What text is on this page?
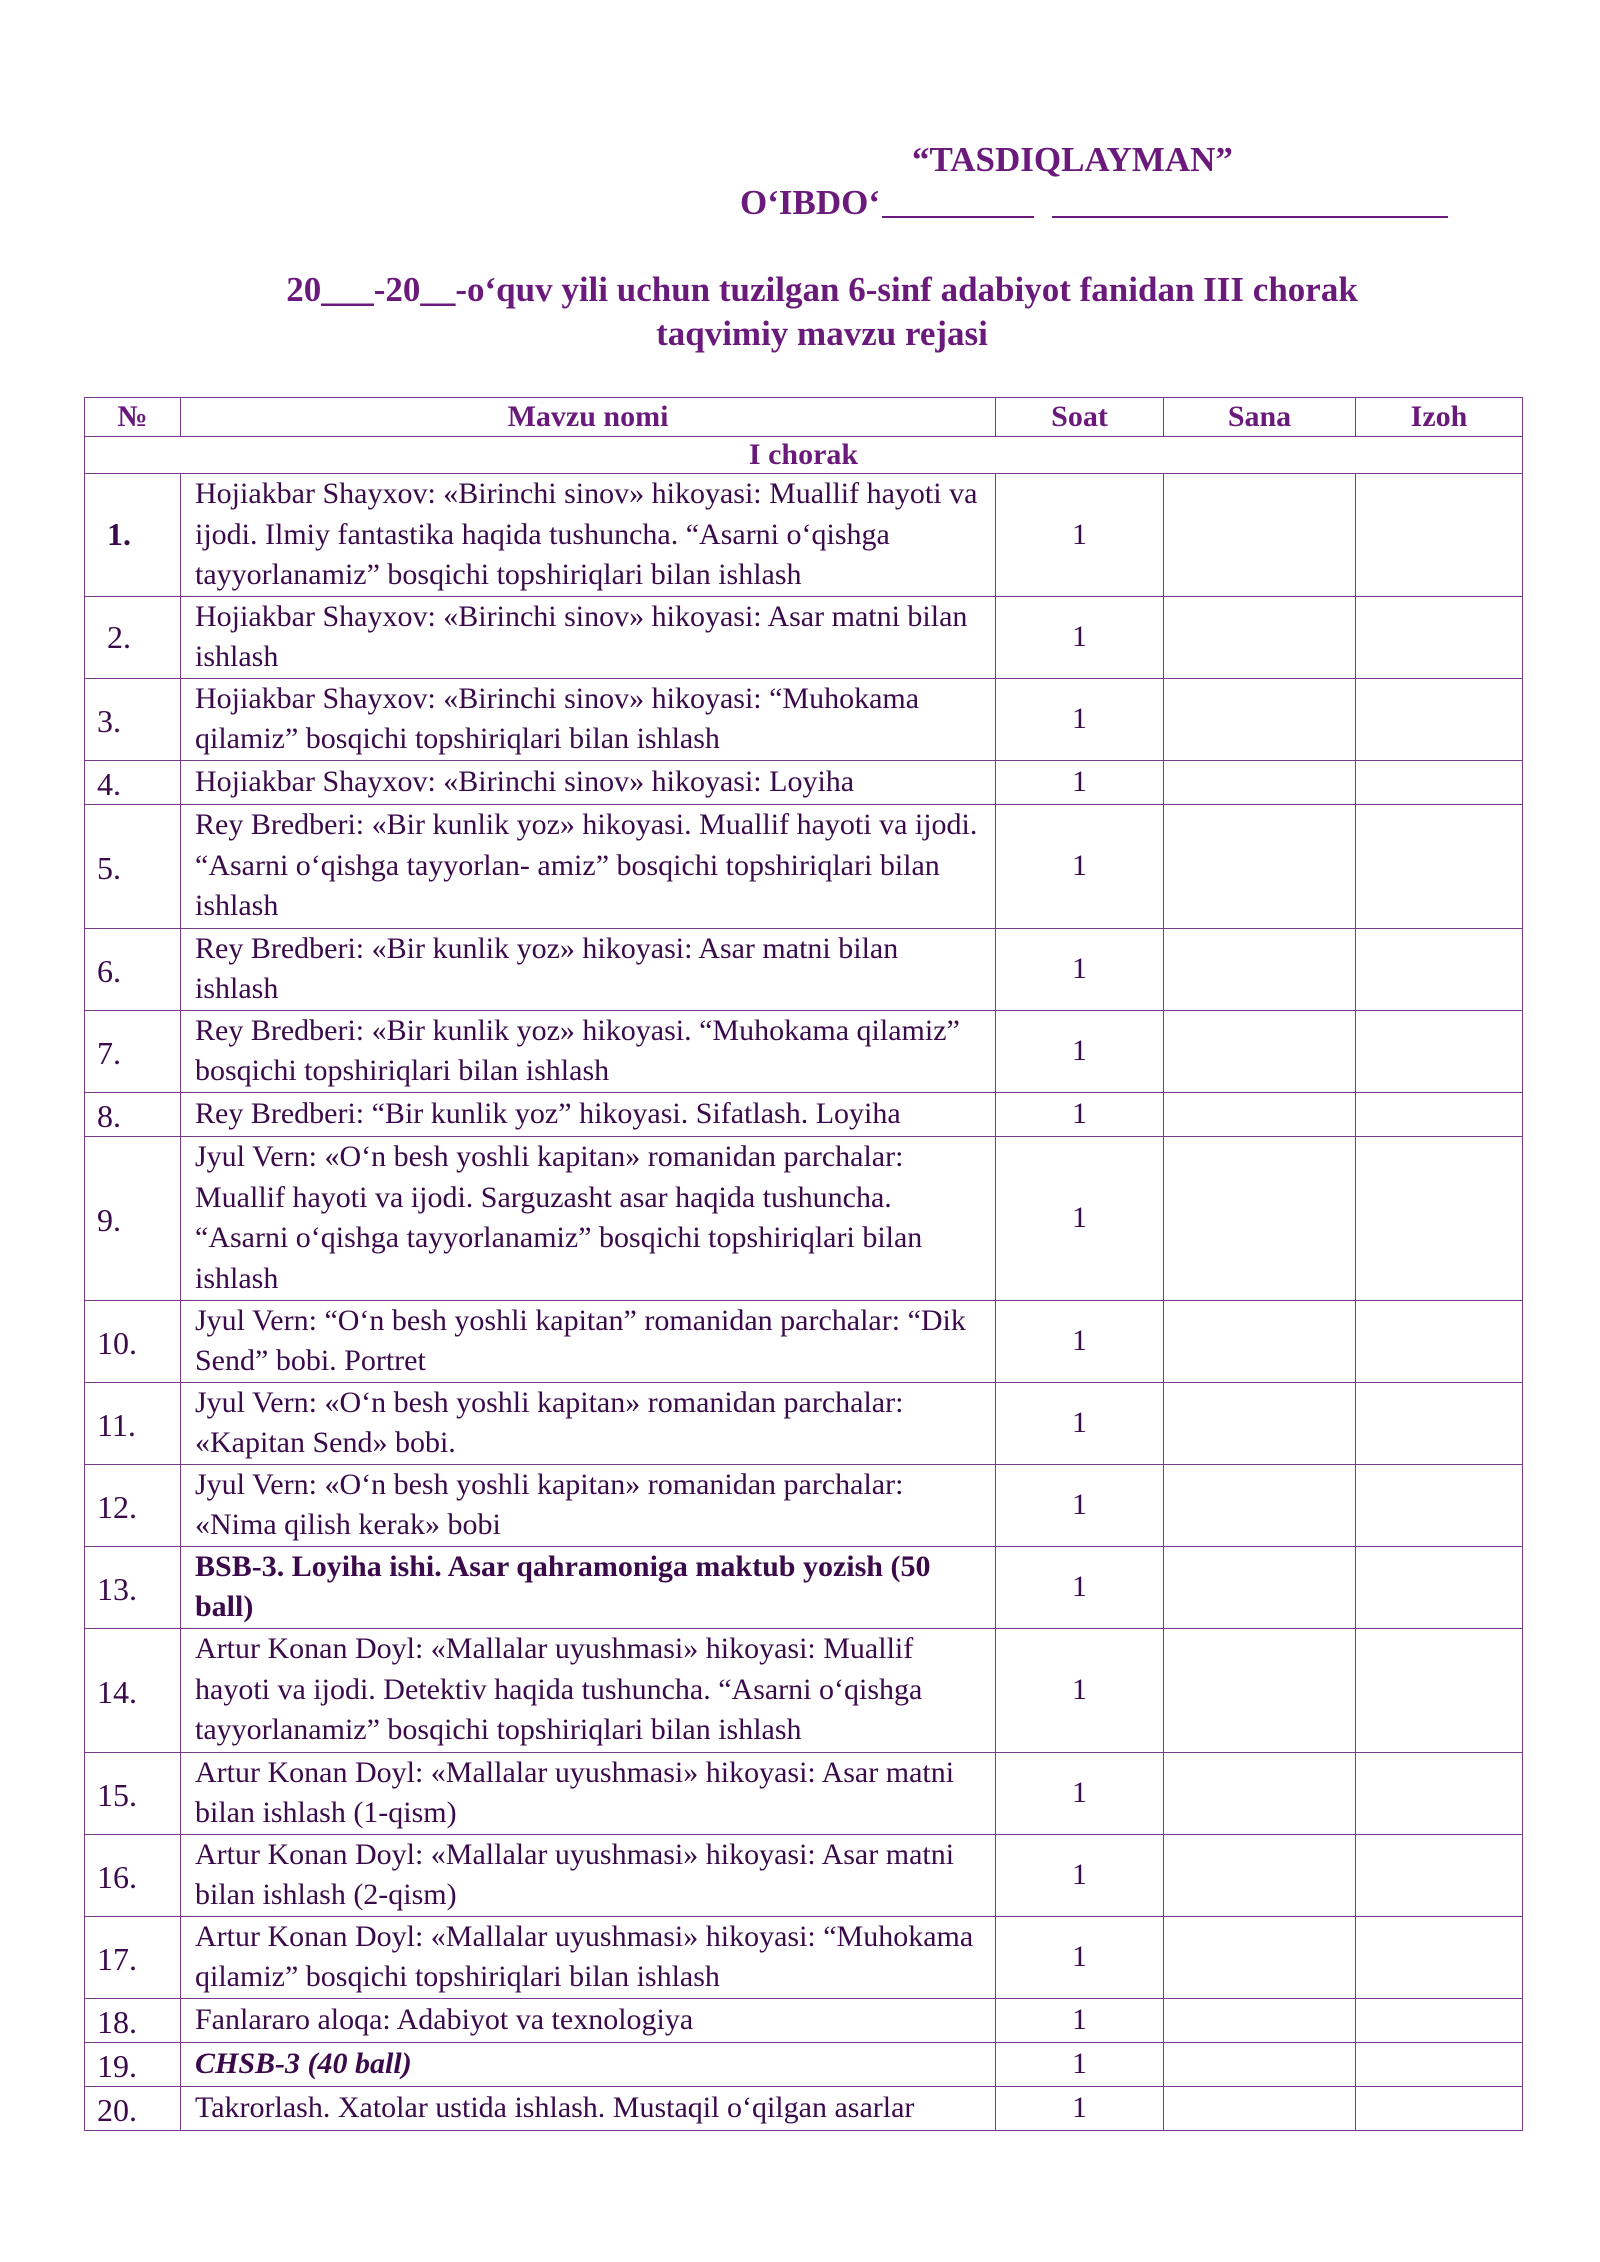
“TASDIQLAYMAN”
O‘IBDO‘
20___-20__-o‘quv yili uchun tuzilgan 6-sinf adabiyot fanidan III chorak
taqvimiy mavzu rejasi
№	Mavzu nomi	Soat	Sana	Izoh
I chorak				
1.	Hojiakbar Shayxov: «Birinchi sinov» hikoyasi: Muallif hayoti va ijodi. Ilmiy fantastika haqida tushuncha. “Asarni o‘qishga tayyorlanamiz” bosqichi topshiriqlari bilan ishlash	1		
2.	Hojiakbar Shayxov: «Birinchi sinov» hikoyasi: Asar matni bilan ishlash	1		
3.	Hojiakbar Shayxov: «Birinchi sinov» hikoyasi: “Muhokama qilamiz” bosqichi topshiriqlari bilan ishlash	1		
4.	Hojiakbar Shayxov: «Birinchi sinov» hikoyasi: Loyiha	1		
5.	Rey Bredberi: «Bir kunlik yoz» hikoyasi. Muallif hayoti va ijodi. “Asarni o‘qishga tayyorlan- amiz” bosqichi topshiriqlari bilan ishlash	1		
6.	Rey Bredberi: «Bir kunlik yoz» hikoyasi: Asar matni bilan ishlash	1		
7.	Rey Bredberi: «Bir kunlik yoz» hikoyasi. “Muhokama qilamiz” bosqichi topshiriqlari bilan ishlash	1		
8.	Rey Bredberi: “Bir kunlik yoz” hikoyasi. Sifatlash. Loyiha	1		
9.	Jyul Vern: «O‘n besh yoshli kapitan» romanidan parchalar: Muallif hayoti va ijodi. Sarguzasht asar haqida tushuncha. “Asarni o‘qishga tayyorlanamiz” bosqichi topshiriqlari bilan ishlash	1		
10.	Jyul Vern: “O‘n besh yoshli kapitan” romanidan parchalar: “Dik Send” bobi. Portret	1		
11.	Jyul Vern: «O‘n besh yoshli kapitan» romanidan parchalar: «Kapitan Send» bobi.	1		
12.	Jyul Vern: «O‘n besh yoshli kapitan» romanidan parchalar: «Nima qilish kerak» bobi	1		
13.	BSB-3. Loyiha ishi. Asar qahramoniga maktub yozish (50 ball)	1		
14.	Artur Konan Doyl: «Mallalar uyushmasi» hikoyasi: Muallif hayoti va ijodi. Detektiv haqida tushuncha. “Asarni o‘qishga tayyorlanamiz” bosqichi topshiriqlari bilan ishlash	1		
15.	Artur Konan Doyl: «Mallalar uyushmasi» hikoyasi: Asar matni bilan ishlash (1-qism)	1		
16.	Artur Konan Doyl: «Mallalar uyushmasi» hikoyasi: Asar matni bilan ishlash (2-qism)	1		
17.	Artur Konan Doyl: «Mallalar uyushmasi» hikoyasi: “Muhokama qilamiz” bosqichi topshiriqlari bilan ishlash	1		
18.	Fanlararo aloqa: Adabiyot va texnologiya	1		
19.	CHSB-3 (40 ball)	1		
20.	Takrorlash. Xatolar ustida ishlash. Mustaqil o‘qilgan asarlar	1		
